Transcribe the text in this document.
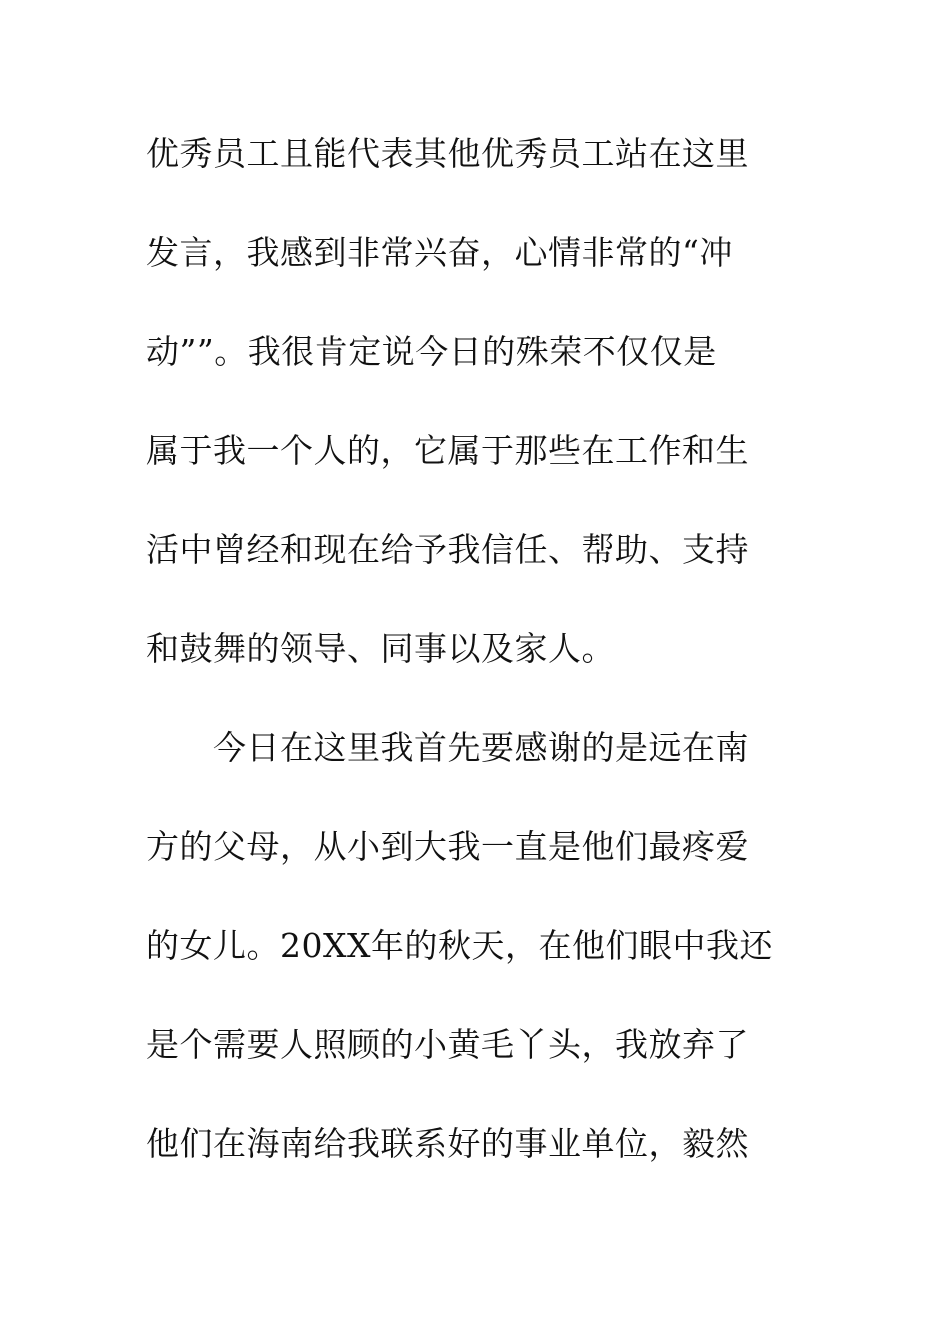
优秀员工且能代表其他优秀员工站在这里
发言，我感到非常兴奋，心情非常的“冲
动””。我很肯定说今日的殊荣不仅仅是
属于我一个人的，它属于那些在工作和生
活中曾经和现在给予我信任、帮助、支持
和鼓舞的领导、同事以及家人。
　　今日在这里我首先要感谢的是远在南
方的父母，从小到大我一直是他们最疼爱
的女儿。20XX年的秋天，在他们眼中我还
是个需要人照顾的小黄毛丫头，我放弃了
他们在海南给我联系好的事业单位，毅然
